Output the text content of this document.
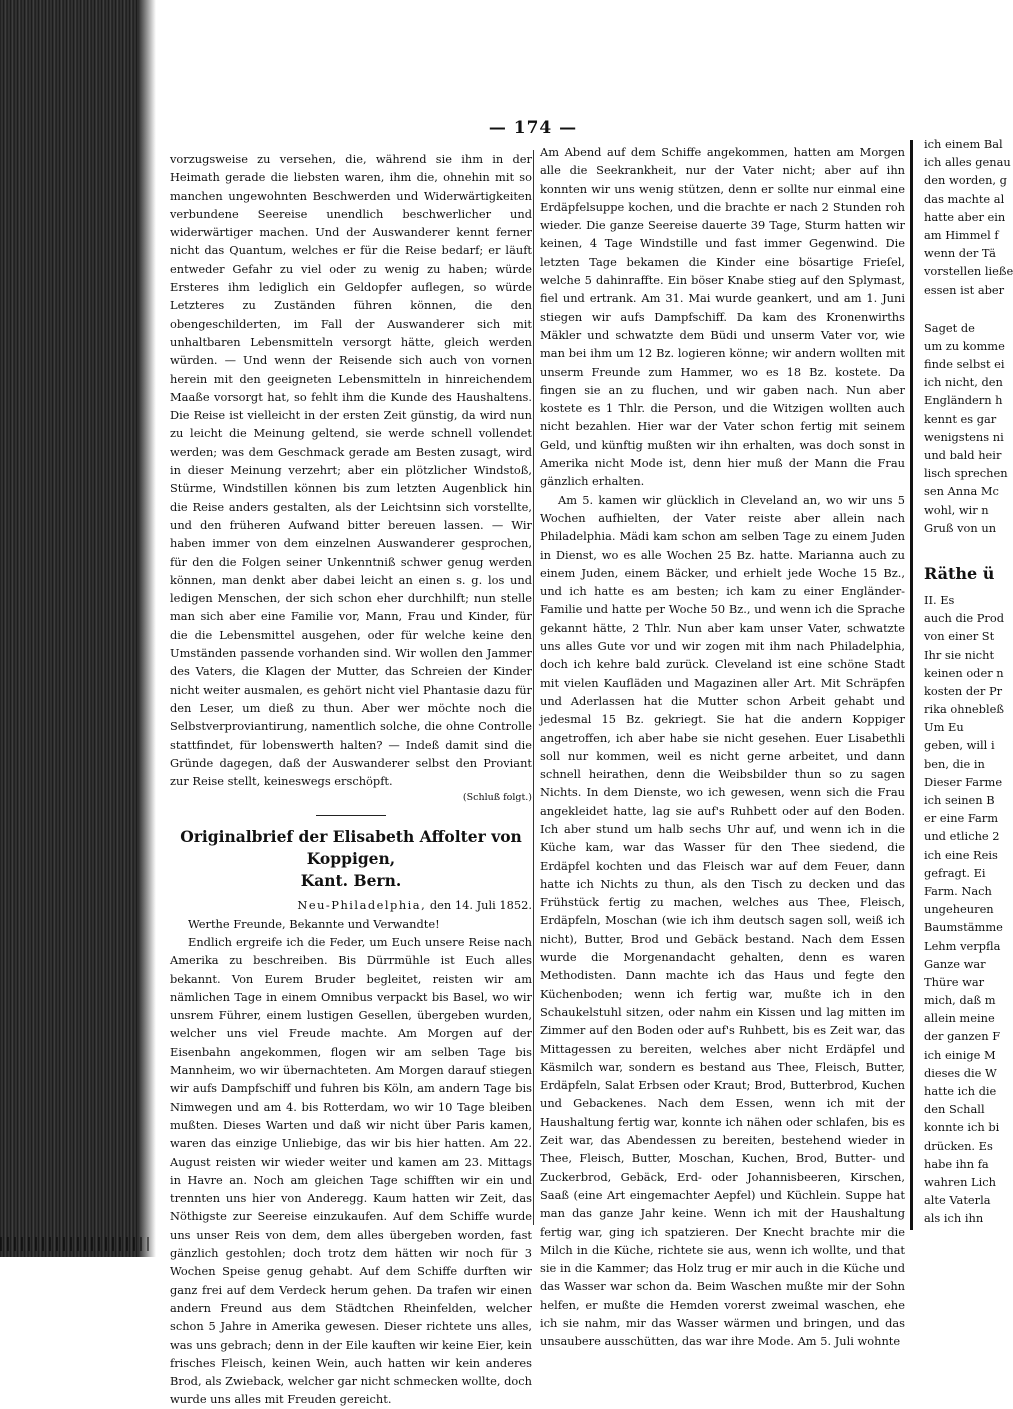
— 174 —

vorzugsweise zu versehen, die, während sie ihm in der Heimath gerade die liebsten waren, ihm die, ohnehin mit so manchen ungewohnten Beschwerden und Widerwärtigkeiten verbundene Seereise unendlich beschwerlicher und widerwärtiger machen. Und der Auswanderer kennt ferner nicht das Quantum, welches er für die Reise bedarf; er läuft entweder Gefahr zu viel oder zu wenig zu haben; würde Ersteres ihm lediglich ein Geldopfer auflegen, so würde Letzteres zu Zuständen führen können, die den obengeschilderten, im Fall der Auswanderer sich mit unhaltbaren Lebensmitteln versorgt hätte, gleich werden würden. — Und wenn der Reisende sich auch von vornen herein mit den geeigneten Lebensmitteln in hinreichendem Maaße vorsorgt hat, so fehlt ihm die Kunde des Haushaltens. Die Reise ist vielleicht in der ersten Zeit günstig, da wird nun zu leicht die Meinung geltend, sie werde schnell vollendet werden; was dem Geschmack gerade am Besten zusagt, wird in dieser Meinung verzehrt; aber ein plötzlicher Windstoß, Stürme, Windstillen können bis zum letzten Augenblick hin die Reise anders gestalten, als der Leichtsinn sich vorstellte, und den früheren Aufwand bitter bereuen lassen. — Wir haben immer von dem einzelnen Auswanderer gesprochen, für den die Folgen seiner Unkenntniß schwer genug werden können, man denkt aber dabei leicht an einen s. g. los und ledigen Menschen, der sich schon eher durchhilft; nun stelle man sich aber eine Familie vor, Mann, Frau und Kinder, für die die Lebensmittel ausgehen, oder für welche keine den Umständen passende vorhanden sind. Wir wollen den Jammer des Vaters, die Klagen der Mutter, das Schreien der Kinder nicht weiter ausmalen, es gehört nicht viel Phantasie dazu für den Leser, um dieß zu thun. Aber wer möchte noch die Selbstverproviantirung, namentlich solche, die ohne Controlle stattfindet, für lobenswerth halten? — Indeß damit sind die Gründe dagegen, daß der Auswanderer selbst den Proviant zur Reise stellt, keineswegs erschöpft.

(Schluß folgt.)

Originalbrief der Elisabeth Affolter von Koppigen,
Kant. Bern.

Neu-Philadelphia, den 14. Juli 1852.

Werthe Freunde, Bekannte und Verwandte!

Endlich ergreife ich die Feder, um Euch unsere Reise nach Amerika zu beschreiben. Bis Dürrmühle ist Euch alles bekannt. Von Eurem Bruder begleitet, reisten wir am nämlichen Tage in einem Omnibus verpackt bis Basel, wo wir unsrem Führer, einem lustigen Gesellen, übergeben wurden, welcher uns viel Freude machte. Am Morgen auf der Eisenbahn angekommen, flogen wir am selben Tage bis Mannheim, wo wir übernachteten. Am Morgen darauf stiegen wir aufs Dampfschiff und fuhren bis Köln, am andern Tage bis Nimwegen und am 4. bis Rotterdam, wo wir 10 Tage bleiben mußten. Dieses Warten und daß wir nicht über Paris kamen, waren das einzige Unliebige, das wir bis hier hatten. Am 22. August reisten wir wieder weiter und kamen am 23. Mittags in Havre an. Noch am gleichen Tage schifften wir ein und trennten uns hier von Anderegg. Kaum hatten wir Zeit, das Nöthigste zur Seereise einzukaufen. Auf dem Schiffe wurde uns unser Reis von dem, dem alles übergeben worden, fast gänzlich gestohlen; doch trotz dem hätten wir noch für 3 Wochen Speise genug gehabt. Auf dem Schiffe durften wir ganz frei auf dem Verdeck herum gehen. Da trafen wir einen andern Freund aus dem Städtchen Rheinfelden, welcher schon 5 Jahre in Amerika gewesen. Dieser richtete uns alles, was uns gebrach; denn in der Eile kauften wir keine Eier, kein frisches Fleisch, keinen Wein, auch hatten wir kein anderes Brod, als Zwieback, welcher gar nicht schmecken wollte, doch wurde uns alles mit Freuden gereicht.

Am Abend auf dem Schiffe angekommen, hatten am Morgen alle die Seekrankheit, nur der Vater nicht; aber auf ihn konnten wir uns wenig stützen, denn er sollte nur einmal eine Erdäpfelsuppe kochen, und die brachte er nach 2 Stunden roh wieder. Die ganze Seereise dauerte 39 Tage, Sturm hatten wir keinen, 4 Tage Windstille und fast immer Gegenwind. Die letzten Tage bekamen die Kinder eine bösartige Frieſel, welche 5 dahinraffte. Ein böser Knabe stieg auf den Splymast, fiel und ertrank. Am 31. Mai wurde geankert, und am 1. Juni stiegen wir aufs Dampfschiff. Da kam des Kronenwirths Mäkler und schwatzte dem Büdi und unserm Vater vor, wie man bei ihm um 12 Bz. logieren könne; wir andern wollten mit unserm Freunde zum Hammer, wo es 18 Bz. kostete. Da fingen sie an zu fluchen, und wir gaben nach. Nun aber kostete es 1 Thlr. die Person, und die Witzigen wollten auch nicht bezahlen. Hier war der Vater schon fertig mit seinem Geld, und künftig mußten wir ihn erhalten, was doch sonst in Amerika nicht Mode ist, denn hier muß der Mann die Frau gänzlich erhalten.

Am 5. kamen wir glücklich in Cleveland an, wo wir uns 5 Wochen aufhielten, der Vater reiste aber allein nach Philadelphia. Mädi kam schon am selben Tage zu einem Juden in Dienst, wo es alle Wochen 25 Bz. hatte. Marianna auch zu einem Juden, einem Bäcker, und erhielt jede Woche 15 Bz., und ich hatte es am besten; ich kam zu einer Engländer-Familie und hatte per Woche 50 Bz., und wenn ich die Sprache gekannt hätte, 2 Thlr. Nun aber kam unser Vater, schwatzte uns alles Gute vor und wir zogen mit ihm nach Philadelphia, doch ich kehre bald zurück. Cleveland ist eine schöne Stadt mit vielen Kaufläden und Magazinen aller Art. Mit Schräpfen und Aderlassen hat die Mutter schon Arbeit gehabt und jedesmal 15 Bz. gekriegt. Sie hat die andern Koppiger angetroffen, ich aber habe sie nicht gesehen. Euer Lisabethli soll nur kommen, weil es nicht gerne arbeitet, und dann schnell heirathen, denn die Weibsbilder thun so zu sagen Nichts. In dem Dienste, wo ich gewesen, wenn sich die Frau angekleidet hatte, lag sie auf's Ruhbett oder auf den Boden. Ich aber stund um halb sechs Uhr auf, und wenn ich in die Küche kam, war das Wasser für den Thee siedend, die Erdäpfel kochten und das Fleisch war auf dem Feuer, dann hatte ich Nichts zu thun, als den Tisch zu decken und das Frühstück fertig zu machen, welches aus Thee, Fleisch, Erdäpfeln, Moschan (wie ich ihm deutsch sagen soll, weiß ich nicht), Butter, Brod und Gebäck bestand. Nach dem Essen wurde die Morgenandacht gehalten, denn es waren Methodisten. Dann machte ich das Haus und fegte den Küchenboden; wenn ich fertig war, mußte ich in den Schaukelstuhl sitzen, oder nahm ein Kissen und lag mitten im Zimmer auf den Boden oder auf's Ruhbett, bis es Zeit war, das Mittagessen zu bereiten, welches aber nicht Erdäpfel und Käsmilch war, sondern es bestand aus Thee, Fleisch, Butter, Erdäpfeln, Salat Erbsen oder Kraut; Brod, Butterbrod, Kuchen und Gebackenes. Nach dem Essen, wenn ich mit der Haushaltung fertig war, konnte ich nähen oder schlafen, bis es Zeit war, das Abendessen zu bereiten, bestehend wieder in Thee, Fleisch, Butter, Moschan, Kuchen, Brod, Butter- und Zuckerbrod, Gebäck, Erd- oder Johannisbeeren, Kirschen, Saaß (eine Art eingemachter Aepfel) und Küchlein. Suppe hat man das ganze Jahr keine. Wenn ich mit der Haushaltung fertig war, ging ich spatzieren. Der Knecht brachte mir die Milch in die Küche, richtete sie aus, wenn ich wollte, und that sie in die Kammer; das Holz trug er mir auch in die Küche und das Wasser war schon da. Beim Waschen mußte mir der Sohn helfen, er mußte die Hemden vorerst zweimal waschen, ehe ich sie nahm, mir das Wasser wärmen und bringen, und das unsaubere ausschütten, das war ihre Mode. Am 5. Juli wohnte

ich einem Bal
ich alles genau
den worden, g
das machte al
hatte aber ein
am Himmel f
wenn der Tä
vorstellen ließe
essen ist aber
Saget de
um zu komme
finde selbst ei
ich nicht, den
Engländern h
kennt es gar
wenigstens ni
und bald heir
lisch sprechen
sen Anna Mc
wohl, wir n
Gruß von un
Räthe ü
II. Es
auch die Prod
von einer St
Ihr sie nicht
keinen oder n
kosten der Pr
rika ohnebleß
Um Eu
geben, will i
ben, die in
Dieser Farme
ich seinen B
er eine Farm
und etliche 2
ich eine Reis
gefragt. Ei
Farm. Nach
ungeheuren
Baumstämme
Lehm verpfla
Ganze war
Thüre war
mich, daß m
allein meine
der ganzen F
ich einige M
dieses die W
hatte ich die
den Schall
konnte ich bi
drücken. Es
habe ihn fa
wahren Lich
alte Vaterla
als ich ihn
